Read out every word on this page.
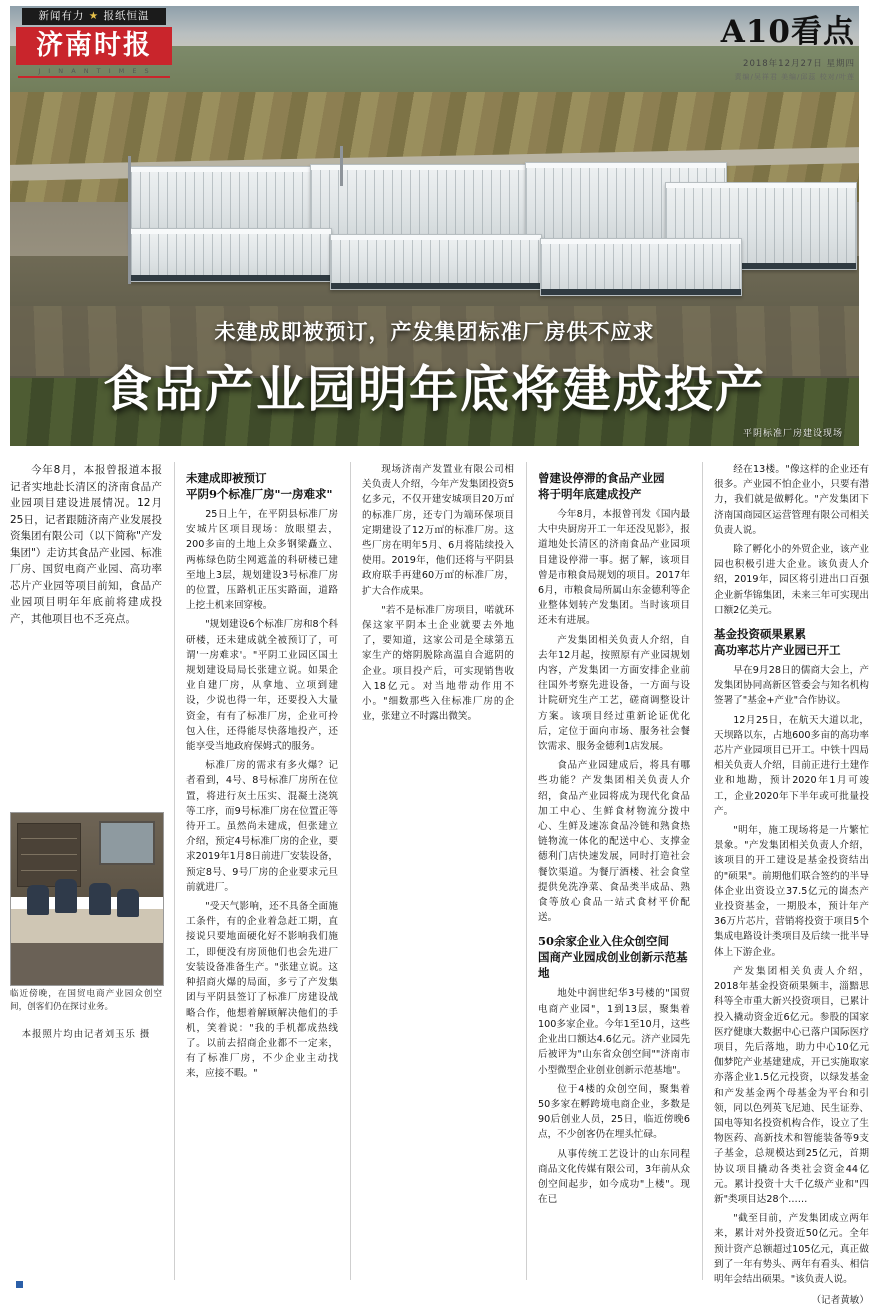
未建成即被预订，产发集团标准厂房供不应求
食品产业园明年底将建成投产
平阴标准厂房建设现场
新闻有力 ★ 报纸恒温
济南时报
J I N A N T I M E S
A10看点
2018年12月27日 星期四
责编/吴祥君 美编/邱蕊 校对/叶莲

今年8月，本报曾报道本报记者实地赴长清区的济南食品产业园项目建设进展情况。12月25日，记者跟随济南产业发展投资集团有限公司（以下简称"产发集团"）走访其食品产业园、标准厂房、国贸电商产业园、高功率芯片产业园等项目前知，食品产业园项目明年年底前将建成投产，其他项目也不乏亮点。

临近傍晚，在国贸电商产业园众创空间，创客们仍在探讨业务。
本报照片均由记者刘玉乐 摄
未建成即被预订
平阴9个标准厂房"一房难求"

25日上午，在平阴县标准厂房安城片区项目现场：放眼望去，200多亩的土地上众多钢梁矗立、两栋绿色防尘网遮盖的科研楼已建至地上3层，规划建设3号标准厂房的位置，压路机正压实路面，道路上挖土机来回穿梭。

"规划建设6个标准厂房和8个科研楼，还未建成就全被预订了，可谓'一房难求'。"平阴工业园区国土规划建设局局长张建立说。如果企业自建厂房，从拿地、立项到建设，少说也得一年，还要投入大量资金，有有了标准厂房，企业可拎包入住，还得能尽快落地投产，还能享受当地政府保姆式的服务。

标准厂房的需求有多火爆？记者看到，4号、8号标准厂房所在位置，将进行灰土压实、混凝土浇筑等工序，而9号标准厂房在位置正等待开工。虽然尚未建成，但张建立介绍，预定4号标准厂房的企业，要求2019年1月8日前进厂安装设备，预定8号、9号厂房的企业要求元旦前就进厂。

"受天气影响，还不具备全面施工条件，有的企业着急赶工期，直接说只要地面硬化好不影响我们施工，即便没有房顶他们也会先进厂安装设备准备生产。"张建立说。这种招商火爆的局面，多亏了产发集团与平阴县签订了标准厂房建设战略合作，他想着解顾解决他们的手机，笑着说："我的手机都成热线了。以前去招商企业都不一定来，有了标准厂房，不少企业主动找来，应接不暇。"

现场济南产发置业有限公司相关负责人介绍，今年产发集团投资5亿多元，不仅开建安城项目20万㎡的标准厂房，还专门为端环保项目定期建设了12万㎡的标准厂房。这些厂房在明年5月、6月将陆续投入使用。2019年，他们还将与平阴县政府联手再建60万㎡的标准厂房，扩大合作成果。

"若不是标准厂房项目，喏就环保这家平阴本土企业就要去外地了，要知道，这家公司是全球第五家生产的熔阴脱除高温自合遮阴的企业。项目投产后，可实现销售收入18亿元。对当地带动作用不小。"细数那些入住标准厂房的企业，张建立不时露出微笑。

曾建设停滞的食品产业园
将于明年底建成投产

今年8月，本报曾刊发《国内最大中央厨房开工一年还没见影》，报道地处长清区的济南食品产业园项目建设停滞一事。据了解，该项目曾是市粮食局规划的项目。2017年6月，市粮食局所属山东金德利等企业整体划转产发集团。当时该项目还未有进展。

产发集团相关负责人介绍，自去年12月起，按照原有产业园规划内容，产发集团一方面安排企业前往国外考察先进设备，一方面与设计院研究生产工艺，磋商调整设计方案。该项目经过重新论证优化后，定位于面向市场、服务社会餐饮需求、服务金德利1店发展。

食品产业园建成后，将具有哪些功能？产发集团相关负责人介绍，食品产业园将成为现代化食品加工中心、生鲜食材物流分拨中心、生鲜及速冻食品冷链和熟食热链物流一体化的配送中心、支撑金德利门店快速发展，同时打造社会餐饮渠道。为餐厅酒楼、社会食堂提供免洗净菜、食品类半成品、熟食等放心食品一站式食材平价配送。

50余家企业入住众创空间
国商产业园成创业创新示范基地

地处中润世纪华3号楼的"国贸电商产业园"，1到13层，聚集着100多家企业。今年1至10月，这些企业出口额达4.6亿元。济产业园先后被评为"山东省众创空间""济南市小型微型企业创业创新示范基地"。

位于4楼的众创空间，聚集着50多家在孵跨境电商企业，多数是90后创业人员，25日，临近傍晚6点，不少创客仍在埋头忙碌。

从事传统工艺设计的山东同程商品文化传媒有限公司，3年前从众创空间起步，如今成功"上楼"。现在已

经在13楼。"像这样的企业还有很多。产业园不怕企业小，只要有潜力，我们就是做孵化。"产发集团下济南国商园区运营管理有限公司相关负责人说。

除了孵化小的外贸企业，该产业园也积极引进大企业。该负责人介绍，2019年，园区将引进出口百强企业新华锦集团，未来三年可实现出口额2亿美元。

基金投资硕果累累
高功率芯片产业园已开工

早在9月28日的儒商大会上，产发集团协同高新区管委会与知名机构签署了"基金+产业"合作协议。

12月25日，在航天大道以北，天坝路以东，占地600多亩的高功率芯片产业园项目已开工。中铁十四局相关负责人介绍，目前正进行土建作业和地勘，预计2020年1月可竣工，企业2020年下半年或可批量投产。

"明年，施工现场将是一片繁忙景象。"产发集团相关负责人介绍，该项目的开工建设是基金投资结出的"硕果"。前期他们联合签约的半导体企业出资设立37.5亿元的崮杰产业投资基金，一期股本，预计年产36万片芯片，营销将投资于项目5个集成电路设计类项目及后续一批半导体上下游企业。

产发集团相关负责人介绍，2018年基金投资硕果频丰，淄黯思科等全市重大新兴投资项目，已累计投入撬动资金近6亿元。参股的国家医疗健康大数据中心已落户国际医疗项目，先后落地，助力中心10亿元伽梦陀产业基建建成，开已实施取家亦落企业1.5亿元投资，以绿发基金和产发基金两个母基金为平台和引领，同以色列英飞尼迪、民生证券、国电等知名投资机构合作，设立了生物医药、高新技术和智能装备等9支子基金，总规模达到25亿元，首期协议项目撬动各类社会资金44亿元。累计投资十大千亿级产业和"四新"类项目达28个……

"截至目前，产发集团成立两年来，累计对外投资近50亿元。全年预计资产总额超过105亿元，真正做到了一年有势头、两年有看头、相信明年会结出硕果。"该负责人说。

（记者黄敏）
